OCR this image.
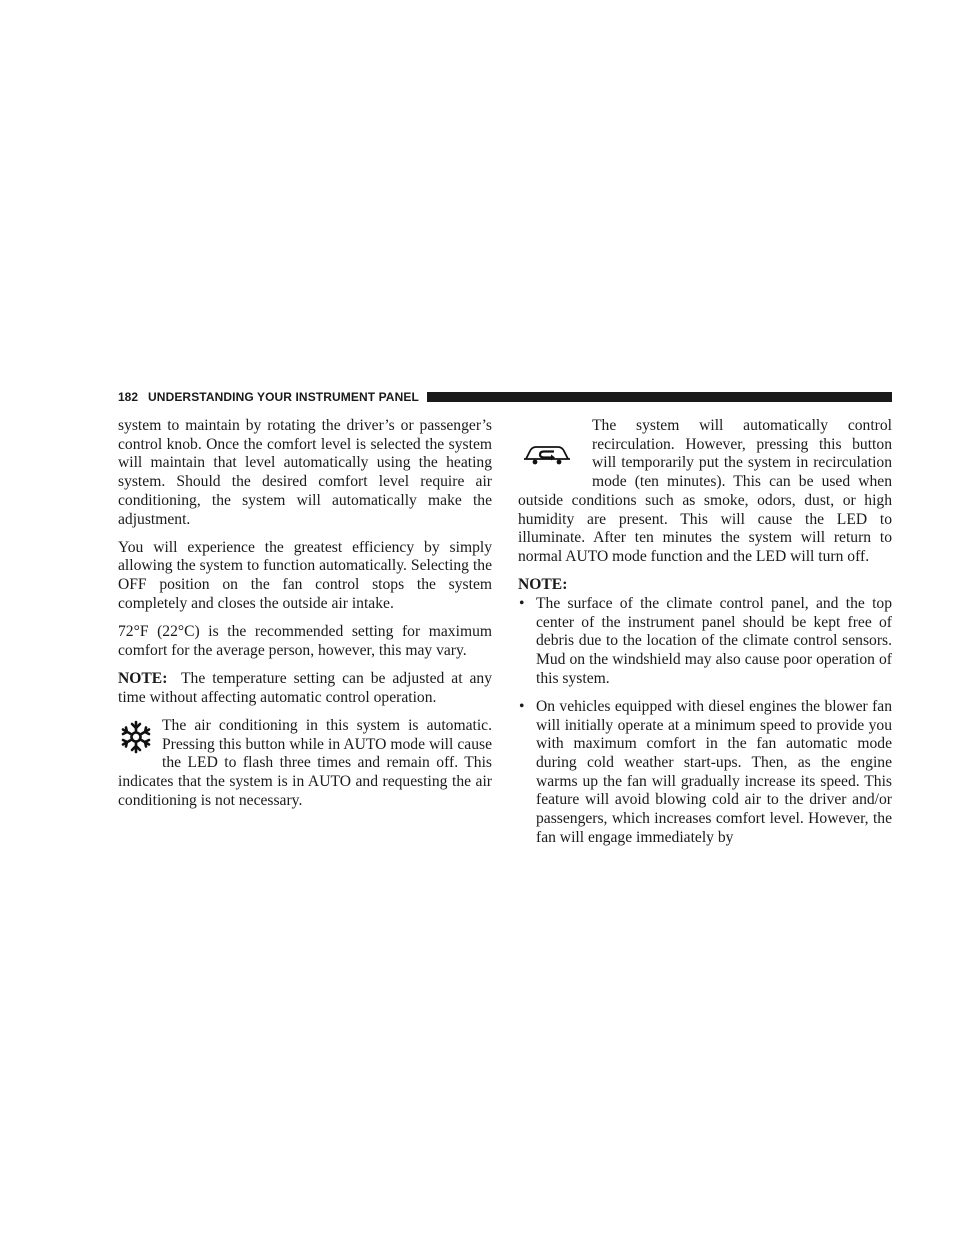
182 UNDERSTANDING YOUR INSTRUMENT PANEL

system to maintain by rotating the driver’s or passenger’s control knob. Once the comfort level is selected the system will maintain that level automatically using the heating system. Should the desired comfort level require air conditioning, the system will automatically make the adjustment.

You will experience the greatest efficiency by simply allowing the system to function automatically. Selecting the OFF position on the fan control stops the system completely and closes the outside air intake.

72°F (22°C) is the recommended setting for maximum comfort for the average person, however, this may vary.

NOTE: The temperature setting can be adjusted at any time without affecting automatic control operation.

The air conditioning in this system is automatic. Pressing this button while in AUTO mode will cause the LED to flash three times and remain off. This indicates that the system is in AUTO and requesting the air conditioning is not necessary.

The system will automatically control recirculation. However, pressing this button will temporarily put the system in recirculation mode (ten minutes). This can be used when outside conditions such as smoke, odors, dust, or high humidity are present. This will cause the LED to illuminate. After ten minutes the system will return to normal AUTO mode function and the LED will turn off.

NOTE:

• The surface of the climate control panel, and the top center of the instrument panel should be kept free of debris due to the location of the climate control sensors. Mud on the windshield may also cause poor operation of this system.
• On vehicles equipped with diesel engines the blower fan will initially operate at a minimum speed to provide you with maximum comfort in the fan automatic mode during cold weather start-ups. Then, as the engine warms up the fan will gradually increase its speed. This feature will avoid blowing cold air to the driver and/or passengers, which increases comfort level. However, the fan will engage immediately by
